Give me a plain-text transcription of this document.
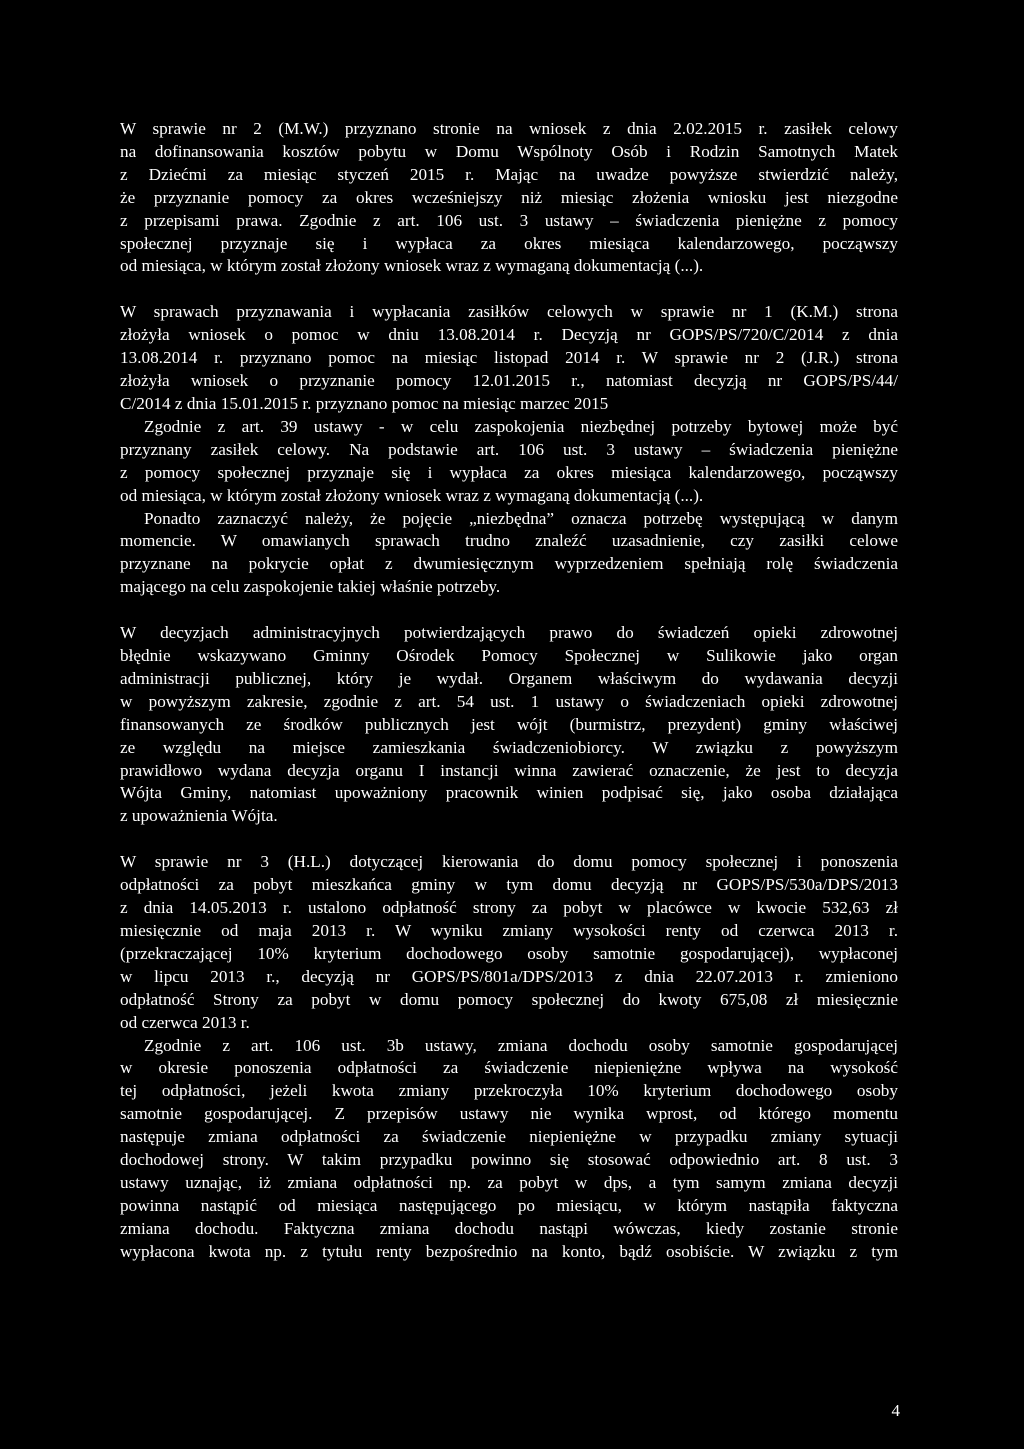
W sprawie nr 2 (M.W.) przyznano stronie na wniosek z dnia 2.02.2015 r. zasiłek celowy
na dofinansowania kosztów pobytu w Domu Wspólnoty Osób i Rodzin Samotnych Matek
z Dziećmi za miesiąc styczeń 2015 r. Mając na uwadze powyższe stwierdzić należy,
że przyznanie pomocy za okres wcześniejszy niż miesiąc złożenia wniosku jest niezgodne
z przepisami prawa. Zgodnie z art. 106 ust. 3 ustawy – świadczenia pieniężne z pomocy
społecznej przyznaje się i wypłaca za okres miesiąca kalendarzowego, począwszy
od miesiąca, w którym został złożony wniosek wraz z wymaganą dokumentacją (...).
W sprawach przyznawania i wypłacania zasiłków celowych w sprawie nr 1 (K.M.) strona
złożyła wniosek o pomoc w dniu 13.08.2014 r. Decyzją nr GOPS/PS/720/C/2014 z dnia
13.08.2014 r. przyznano pomoc na miesiąc listopad 2014 r. W sprawie nr 2 (J.R.) strona
złożyła wniosek o przyznanie pomocy 12.01.2015 r., natomiast decyzją nr GOPS/PS/44/
C/2014 z dnia 15.01.2015 r. przyznano pomoc na miesiąc marzec 2015
Zgodnie z art. 39 ustawy - w celu zaspokojenia niezbędnej potrzeby bytowej może być
przyznany zasiłek celowy. Na podstawie art. 106 ust. 3 ustawy – świadczenia pieniężne
z pomocy społecznej przyznaje się i wypłaca za okres miesiąca kalendarzowego, począwszy
od miesiąca, w którym został złożony wniosek wraz z wymaganą dokumentacją (...).
Ponadto zaznaczyć należy, że pojęcie „niezbędna” oznacza potrzebę występującą w danym
momencie. W omawianych sprawach trudno znaleźć uzasadnienie, czy zasiłki celowe
przyznane na pokrycie opłat z dwumiesięcznym wyprzedzeniem spełniają rolę świadczenia
mającego na celu zaspokojenie takiej właśnie potrzeby.
W decyzjach administracyjnych potwierdzających prawo do świadczeń opieki zdrowotnej
błędnie wskazywano Gminny Ośrodek Pomocy Społecznej w Sulikowie jako organ
administracji publicznej, który je wydał. Organem właściwym do wydawania decyzji
w powyższym zakresie, zgodnie z art. 54 ust. 1 ustawy o świadczeniach opieki zdrowotnej
finansowanych ze środków publicznych jest wójt (burmistrz, prezydent) gminy właściwej
ze względu na miejsce zamieszkania świadczeniobiorcy. W związku z powyższym
prawidłowo wydana decyzja organu I instancji winna zawierać oznaczenie, że jest to decyzja
Wójta Gminy, natomiast upoważniony pracownik winien podpisać się, jako osoba działająca
z upoważnienia Wójta.
W sprawie nr 3 (H.L.) dotyczącej kierowania do domu pomocy społecznej i ponoszenia
odpłatności za pobyt mieszkańca gminy w tym domu decyzją nr GOPS/PS/530a/DPS/2013
z dnia 14.05.2013 r. ustalono odpłatność strony za pobyt w placówce w kwocie 532,63 zł
miesięcznie od maja 2013 r. W wyniku zmiany wysokości renty od czerwca 2013 r.
(przekraczającej 10% kryterium dochodowego osoby samotnie gospodarującej), wypłaconej
w lipcu 2013 r., decyzją nr GOPS/PS/801a/DPS/2013 z dnia 22.07.2013 r. zmieniono
odpłatność Strony za pobyt w domu pomocy społecznej do kwoty 675,08 zł miesięcznie
od czerwca 2013 r.
Zgodnie z art. 106 ust. 3b ustawy, zmiana dochodu osoby samotnie gospodarującej
w okresie ponoszenia odpłatności za świadczenie niepieniężne wpływa na wysokość
tej odpłatności, jeżeli kwota zmiany przekroczyła 10% kryterium dochodowego osoby
samotnie gospodarującej. Z przepisów ustawy nie wynika wprost, od którego momentu
następuje zmiana odpłatności za świadczenie niepieniężne w przypadku zmiany sytuacji
dochodowej strony. W takim przypadku powinno się stosować odpowiednio art. 8 ust. 3
ustawy uznając, iż zmiana odpłatności np. za pobyt w dps, a tym samym zmiana decyzji
powinna nastąpić od miesiąca następującego po miesiącu, w którym nastąpiła faktyczna
zmiana dochodu. Faktyczna zmiana dochodu nastąpi wówczas, kiedy zostanie stronie
wypłacona kwota np. z tytułu renty bezpośrednio na konto, bądź osobiście. W związku z tym
4
